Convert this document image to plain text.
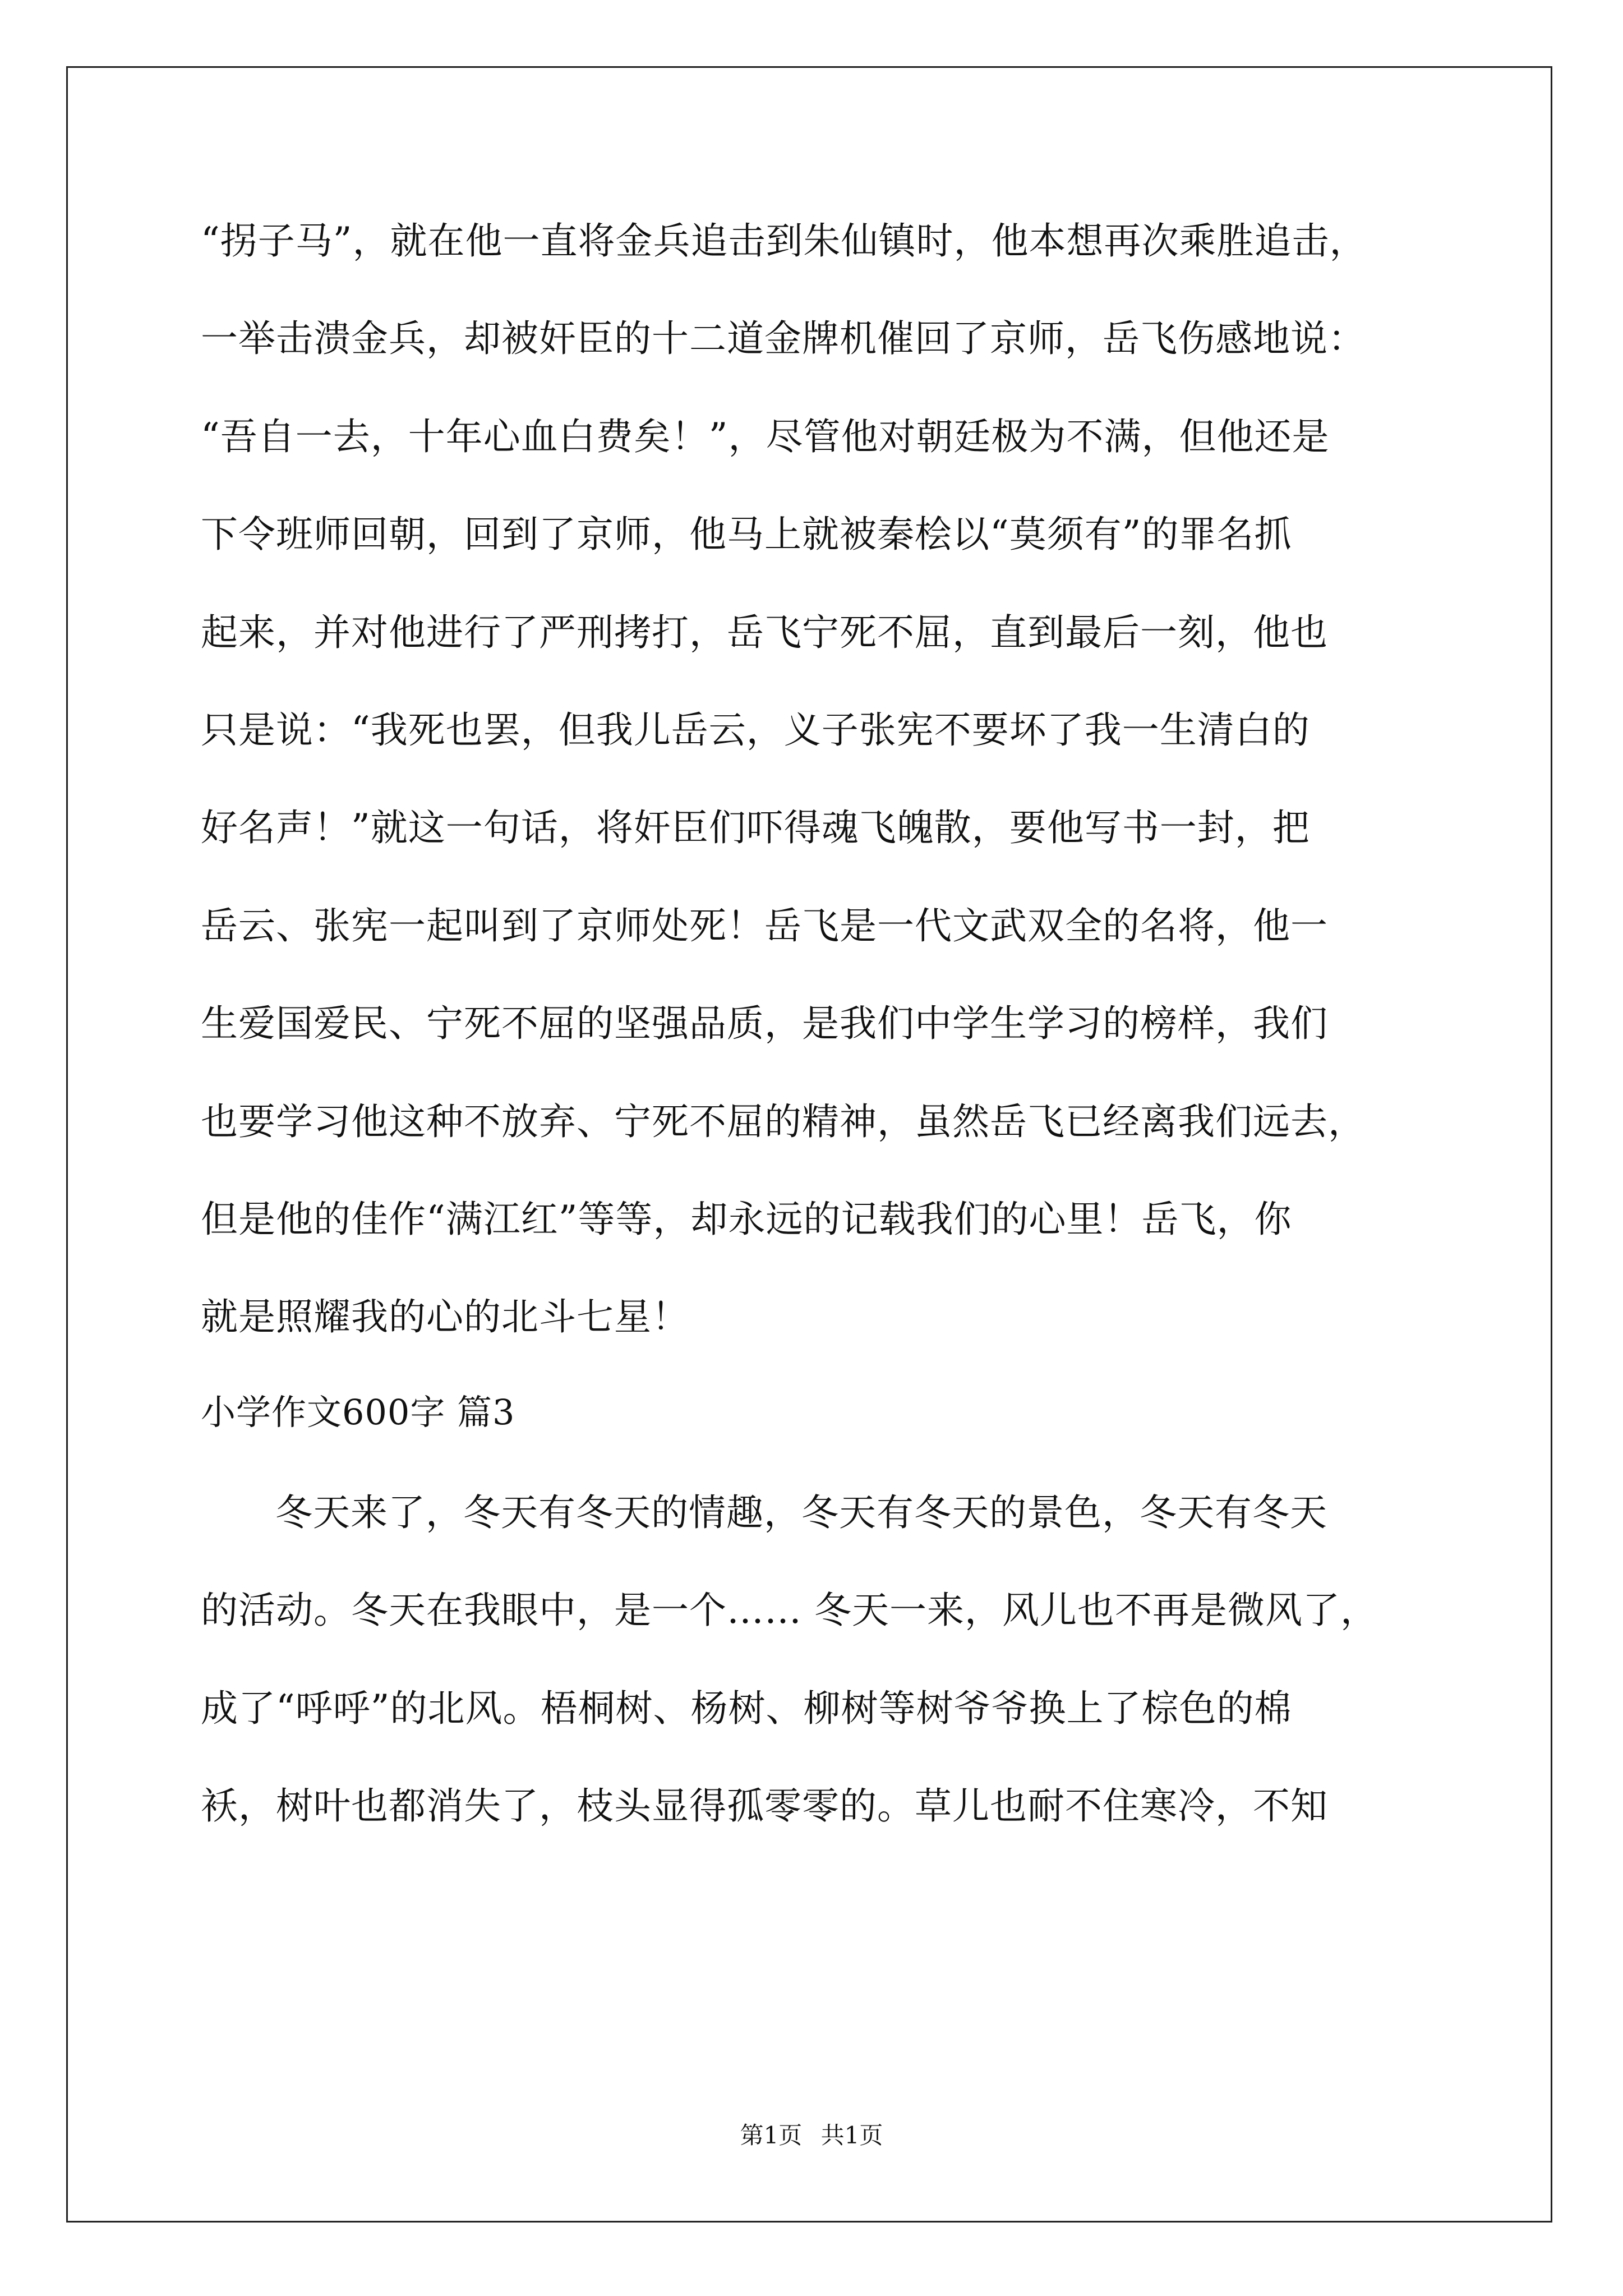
“拐子马”，就在他一直将金兵追击到朱仙镇时，他本想再次乘胜追击，
一举击溃金兵，却被奸臣的十二道金牌机催回了京师，岳飞伤感地说：
“吾自一去，十年心血白费矣！”，尽管他对朝廷极为不满，但他还是
下令班师回朝，回到了京师，他马上就被秦桧以“莫须有”的罪名抓
起来，并对他进行了严刑拷打，岳飞宁死不屈，直到最后一刻，他也
只是说：“我死也罢，但我儿岳云，义子张宪不要坏了我一生清白的
好名声！”就这一句话，将奸臣们吓得魂飞魄散，要他写书一封，把
岳云、张宪一起叫到了京师处死！岳飞是一代文武双全的名将，他一
生爱国爱民、宁死不屈的坚强品质，是我们中学生学习的榜样，我们
也要学习他这种不放弃、宁死不屈的精神，虽然岳飞已经离我们远去，
但是他的佳作“满江红”等等，却永远的记载我们的心里！岳飞，你
就是照耀我的心的北斗七星！
小学作文600字 篇3
冬天来了，冬天有冬天的情趣，冬天有冬天的景色，冬天有冬天
的活动。冬天在我眼中，是一个…… 冬天一来，风儿也不再是微风了，
成了“呼呼”的北风。梧桐树、杨树、柳树等树爷爷换上了棕色的棉
袄，树叶也都消失了，枝头显得孤零零的。草儿也耐不住寒冷，不知
第1页 共1页
